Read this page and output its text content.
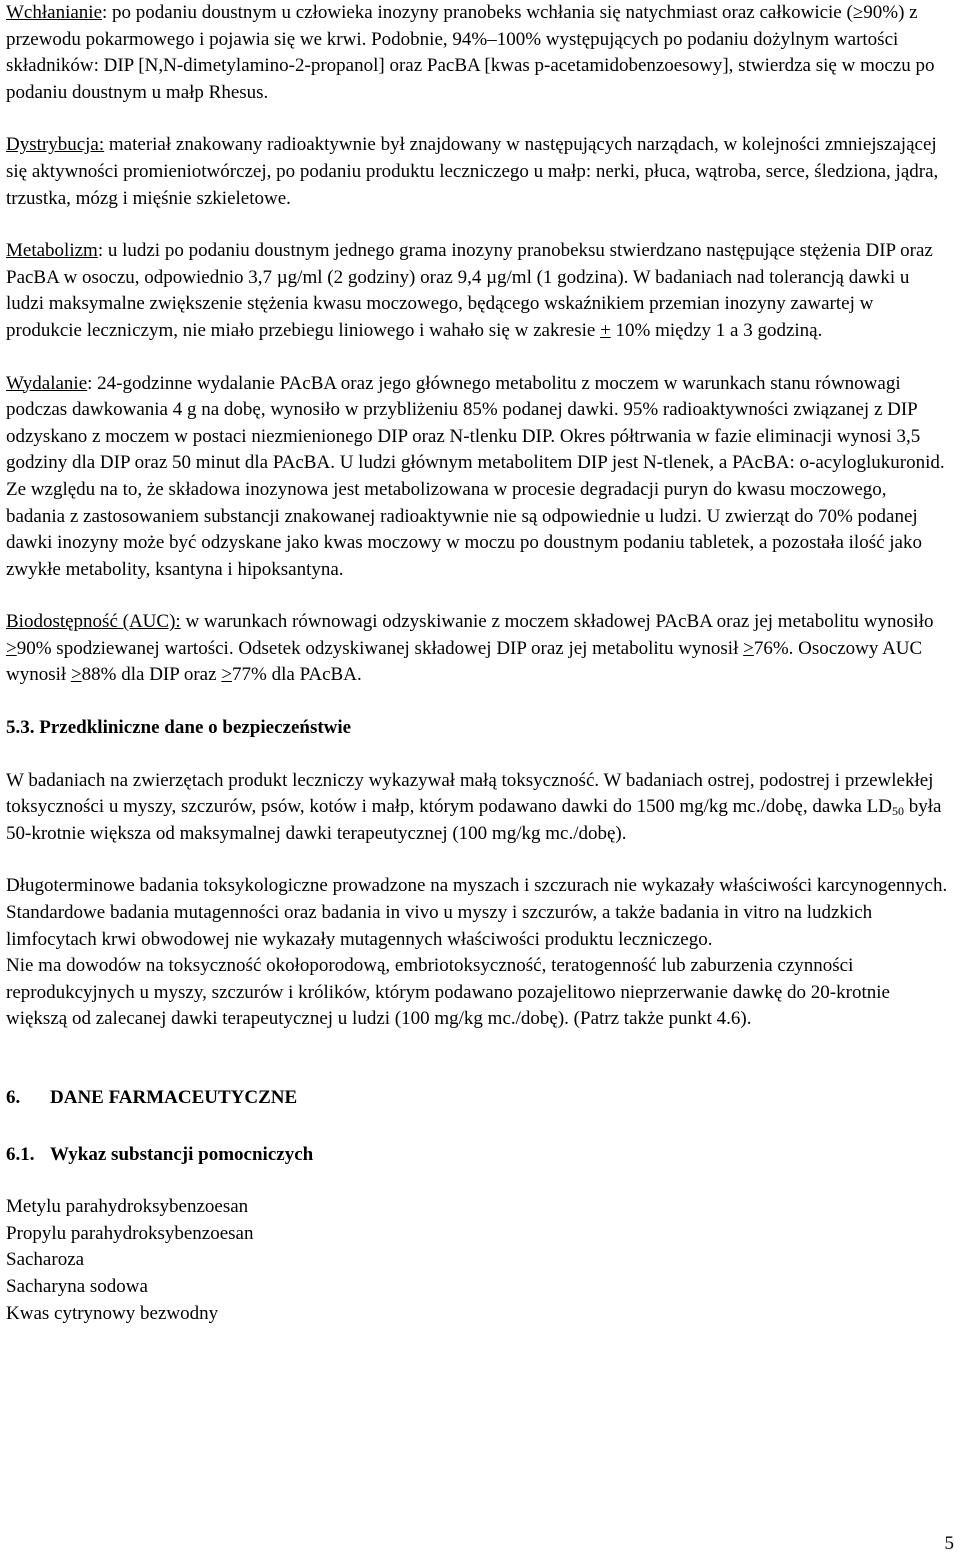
Wchłanianie: po podaniu doustnym u człowieka inozyny pranobeks wchłania się natychmiast oraz całkowicie (≥90%) z przewodu pokarmowego i pojawia się we krwi. Podobnie, 94%–100% występujących po podaniu dożylnym wartości składników: DIP [N,N-dimetylamino-2-propanol] oraz PacBA [kwas p-acetamidobenzoesowy], stwierdza się w moczu po podaniu doustnym u małp Rhesus.

Dystrybucja: materiał znakowany radioaktywnie był znajdowany w następujących narządach, w kolejności zmniejszającej się aktywności promieniotwórczej, po podaniu produktu leczniczego u małp: nerki, płuca, wątroba, serce, śledziona, jądra, trzustka, mózg i mięśnie szkieletowe.

Metabolizm: u ludzi po podaniu doustnym jednego grama inozyny pranobeksu stwierdzano następujące stężenia DIP oraz PacBA w osoczu, odpowiednio 3,7 µg/ml (2 godziny) oraz 9,4 µg/ml (1 godzina). W badaniach nad tolerancją dawki u ludzi maksymalne zwiększenie stężenia kwasu moczowego, będącego wskaźnikiem przemian inozyny zawartej w produkcie leczniczym, nie miało przebiegu liniowego i wahało się w zakresie + 10% między 1 a 3 godziną.

Wydalanie: 24-godzinne wydalanie PAcBA oraz jego głównego metabolitu z moczem w warunkach stanu równowagi podczas dawkowania 4 g na dobę, wynosiło w przybliżeniu 85% podanej dawki. 95% radioaktywności związanej z DIP odzyskano z moczem w postaci niezmienionego DIP oraz N-tlenku DIP. Okres półtrwania w fazie eliminacji wynosi 3,5 godziny dla DIP oraz 50 minut dla PAcBA. U ludzi głównym metabolitem DIP jest N-tlenek, a PAcBA: o-acyloglukuronid. Ze względu na to, że składowa inozynowa jest metabolizowana w procesie degradacji puryn do kwasu moczowego, badania z zastosowaniem substancji znakowanej radioaktywnie nie są odpowiednie u ludzi. U zwierząt do 70% podanej dawki inozyny może być odzyskane jako kwas moczowy w moczu po doustnym podaniu tabletek, a pozostała ilość jako zwykłe metabolity, ksantyna i hipoksantyna.

Biodostępność (AUC): w warunkach równowagi odzyskiwanie z moczem składowej PAcBA oraz jej metabolitu wynosiło ≥90% spodziewanej wartości. Odsetek odzyskiwanej składowej DIP oraz jej metabolitu wynosił ≥76%. Osoczowy AUC wynosił ≥88% dla DIP oraz ≥77% dla PAcBA.

5.3. Przedkliniczne dane o bezpieczeństwie

W badaniach na zwierzętach produkt leczniczy wykazywał małą toksyczność. W badaniach ostrej, podostrej i przewlekłej toksyczności u myszy, szczurów, psów, kotów i małp, którym podawano dawki do 1500 mg/kg mc./dobę, dawka $LD_{50}$ była 50-krotnie większa od maksymalnej dawki terapeutycznej (100 mg/kg mc./dobę).

Długoterminowe badania toksykologiczne prowadzone na myszach i szczurach nie wykazały właściwości karcynogennych.

Standardowe badania mutagenności oraz badania in vivo u myszy i szczurów, a także badania in vitro na ludzkich limfocytach krwi obwodowej nie wykazały mutagennych właściwości produktu leczniczego.

Nie ma dowodów na toksyczność okołoporodową, embriotoksyczność, teratogenność lub zaburzenia czynności reprodukcyjnych u myszy, szczurów i królików, którym podawano pozajelitowo nieprzerwanie dawkę do 20-krotnie większą od zalecanej dawki terapeutycznej u ludzi (100 mg/kg mc./dobę). (Patrz także punkt 4.6).

6. DANE FARMACEUTYCZNE

6.1. Wykaz substancji pomocniczych

Metylu parahydroksybenzoesan
Propylu parahydroksybenzoesan
Sacharoza
Sacharyna sodowa
Kwas cytrynowy bezwodny
5
